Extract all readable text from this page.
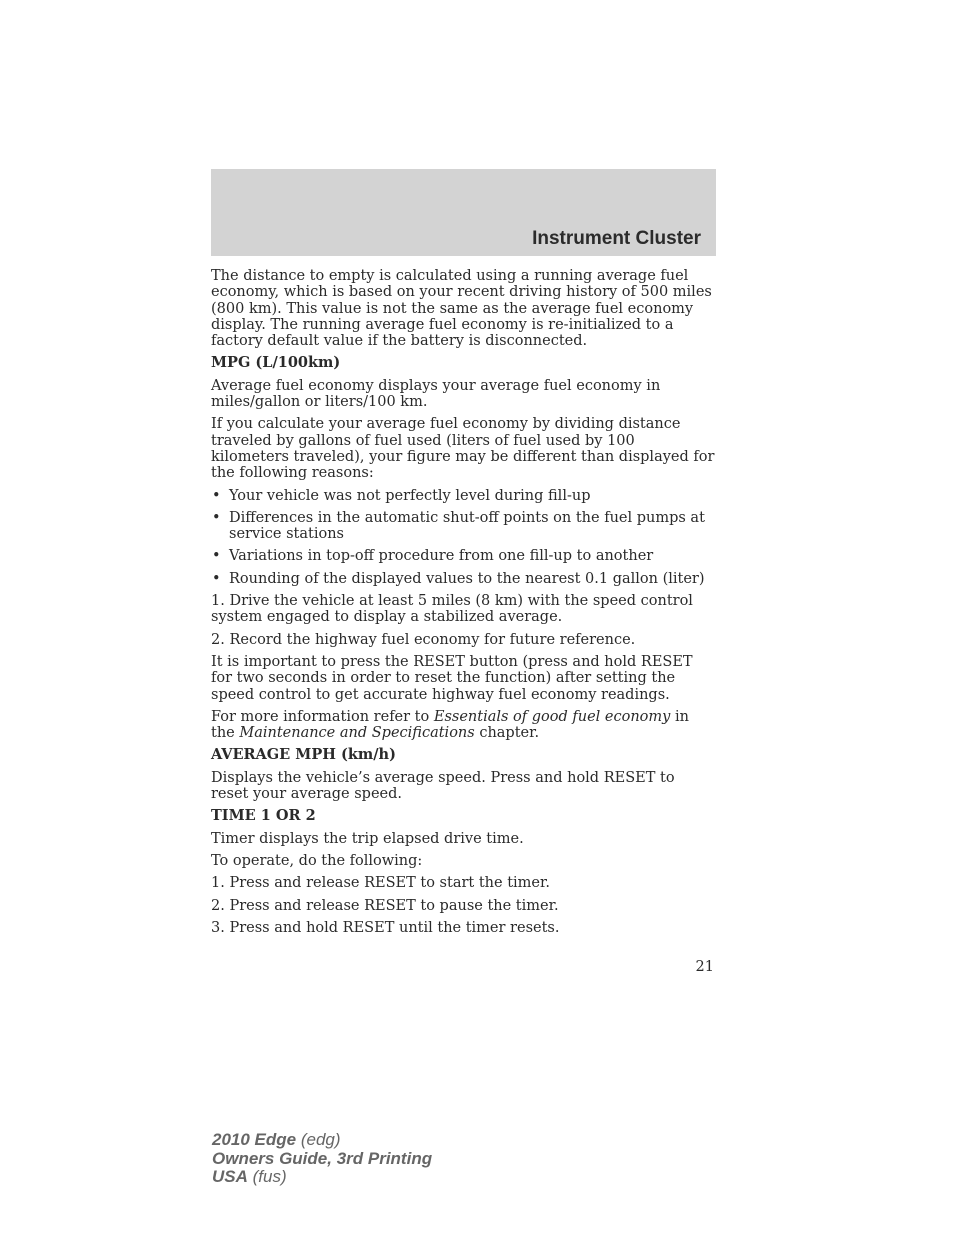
Instrument Cluster

The distance to empty is calculated using a running average fuel economy, which is based on your recent driving history of 500 miles (800 km). This value is not the same as the average fuel economy display. The running average fuel economy is re-initialized to a factory default value if the battery is disconnected.

MPG (L/100km)

Average fuel economy displays your average fuel economy in miles/gallon or liters/100 km.

If you calculate your average fuel economy by dividing distance traveled by gallons of fuel used (liters of fuel used by 100 kilometers traveled), your figure may be different than displayed for the following reasons:

• Your vehicle was not perfectly level during fill-up
• Differences in the automatic shut-off points on the fuel pumps at service stations
• Variations in top-off procedure from one fill-up to another
• Rounding of the displayed values to the nearest 0.1 gallon (liter)

1. Drive the vehicle at least 5 miles (8 km) with the speed control system engaged to display a stabilized average.

2. Record the highway fuel economy for future reference.

It is important to press the RESET button (press and hold RESET for two seconds in order to reset the function) after setting the speed control to get accurate highway fuel economy readings.

For more information refer to Essentials of good fuel economy in the Maintenance and Specifications chapter.

AVERAGE MPH (km/h)

Displays the vehicle’s average speed. Press and hold RESET to reset your average speed.

TIME 1 OR 2

Timer displays the trip elapsed drive time.

To operate, do the following:

1. Press and release RESET to start the timer.

2. Press and release RESET to pause the timer.

3. Press and hold RESET until the timer resets.

21
2010 Edge (edg)
Owners Guide, 3rd Printing
USA (fus)
